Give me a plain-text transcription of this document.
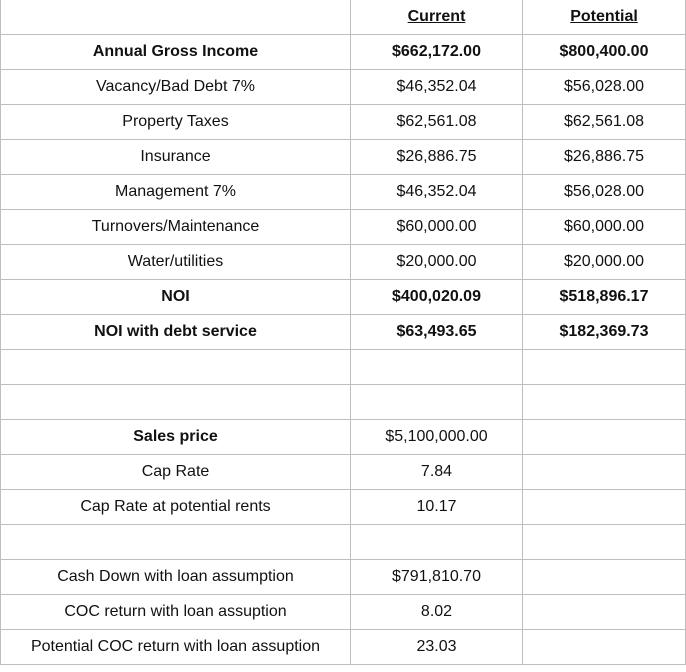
	Current	Potential	
Annual Gross Income	$662,172.00	$800,400.00	
Vacancy/Bad Debt 7%	$46,352.04	$56,028.00	
Property Taxes	$62,561.08	$62,561.08	
Insurance	$26,886.75	$26,886.75	
Management 7%	$46,352.04	$56,028.00	
Turnovers/Maintenance	$60,000.00	$60,000.00	
Water/utilities	$20,000.00	$20,000.00	
NOI	$400,020.09	$518,896.17	
NOI with debt service	$63,493.65	$182,369.73	

Sales price	$5,100,000.00		
Cap Rate	7.84		
Cap Rate at potential rents	10.17		

Cash Down with loan assumption	$791,810.70		
COC return with loan assuption	8.02		
Potential COC return with loan assuption	23.03		
